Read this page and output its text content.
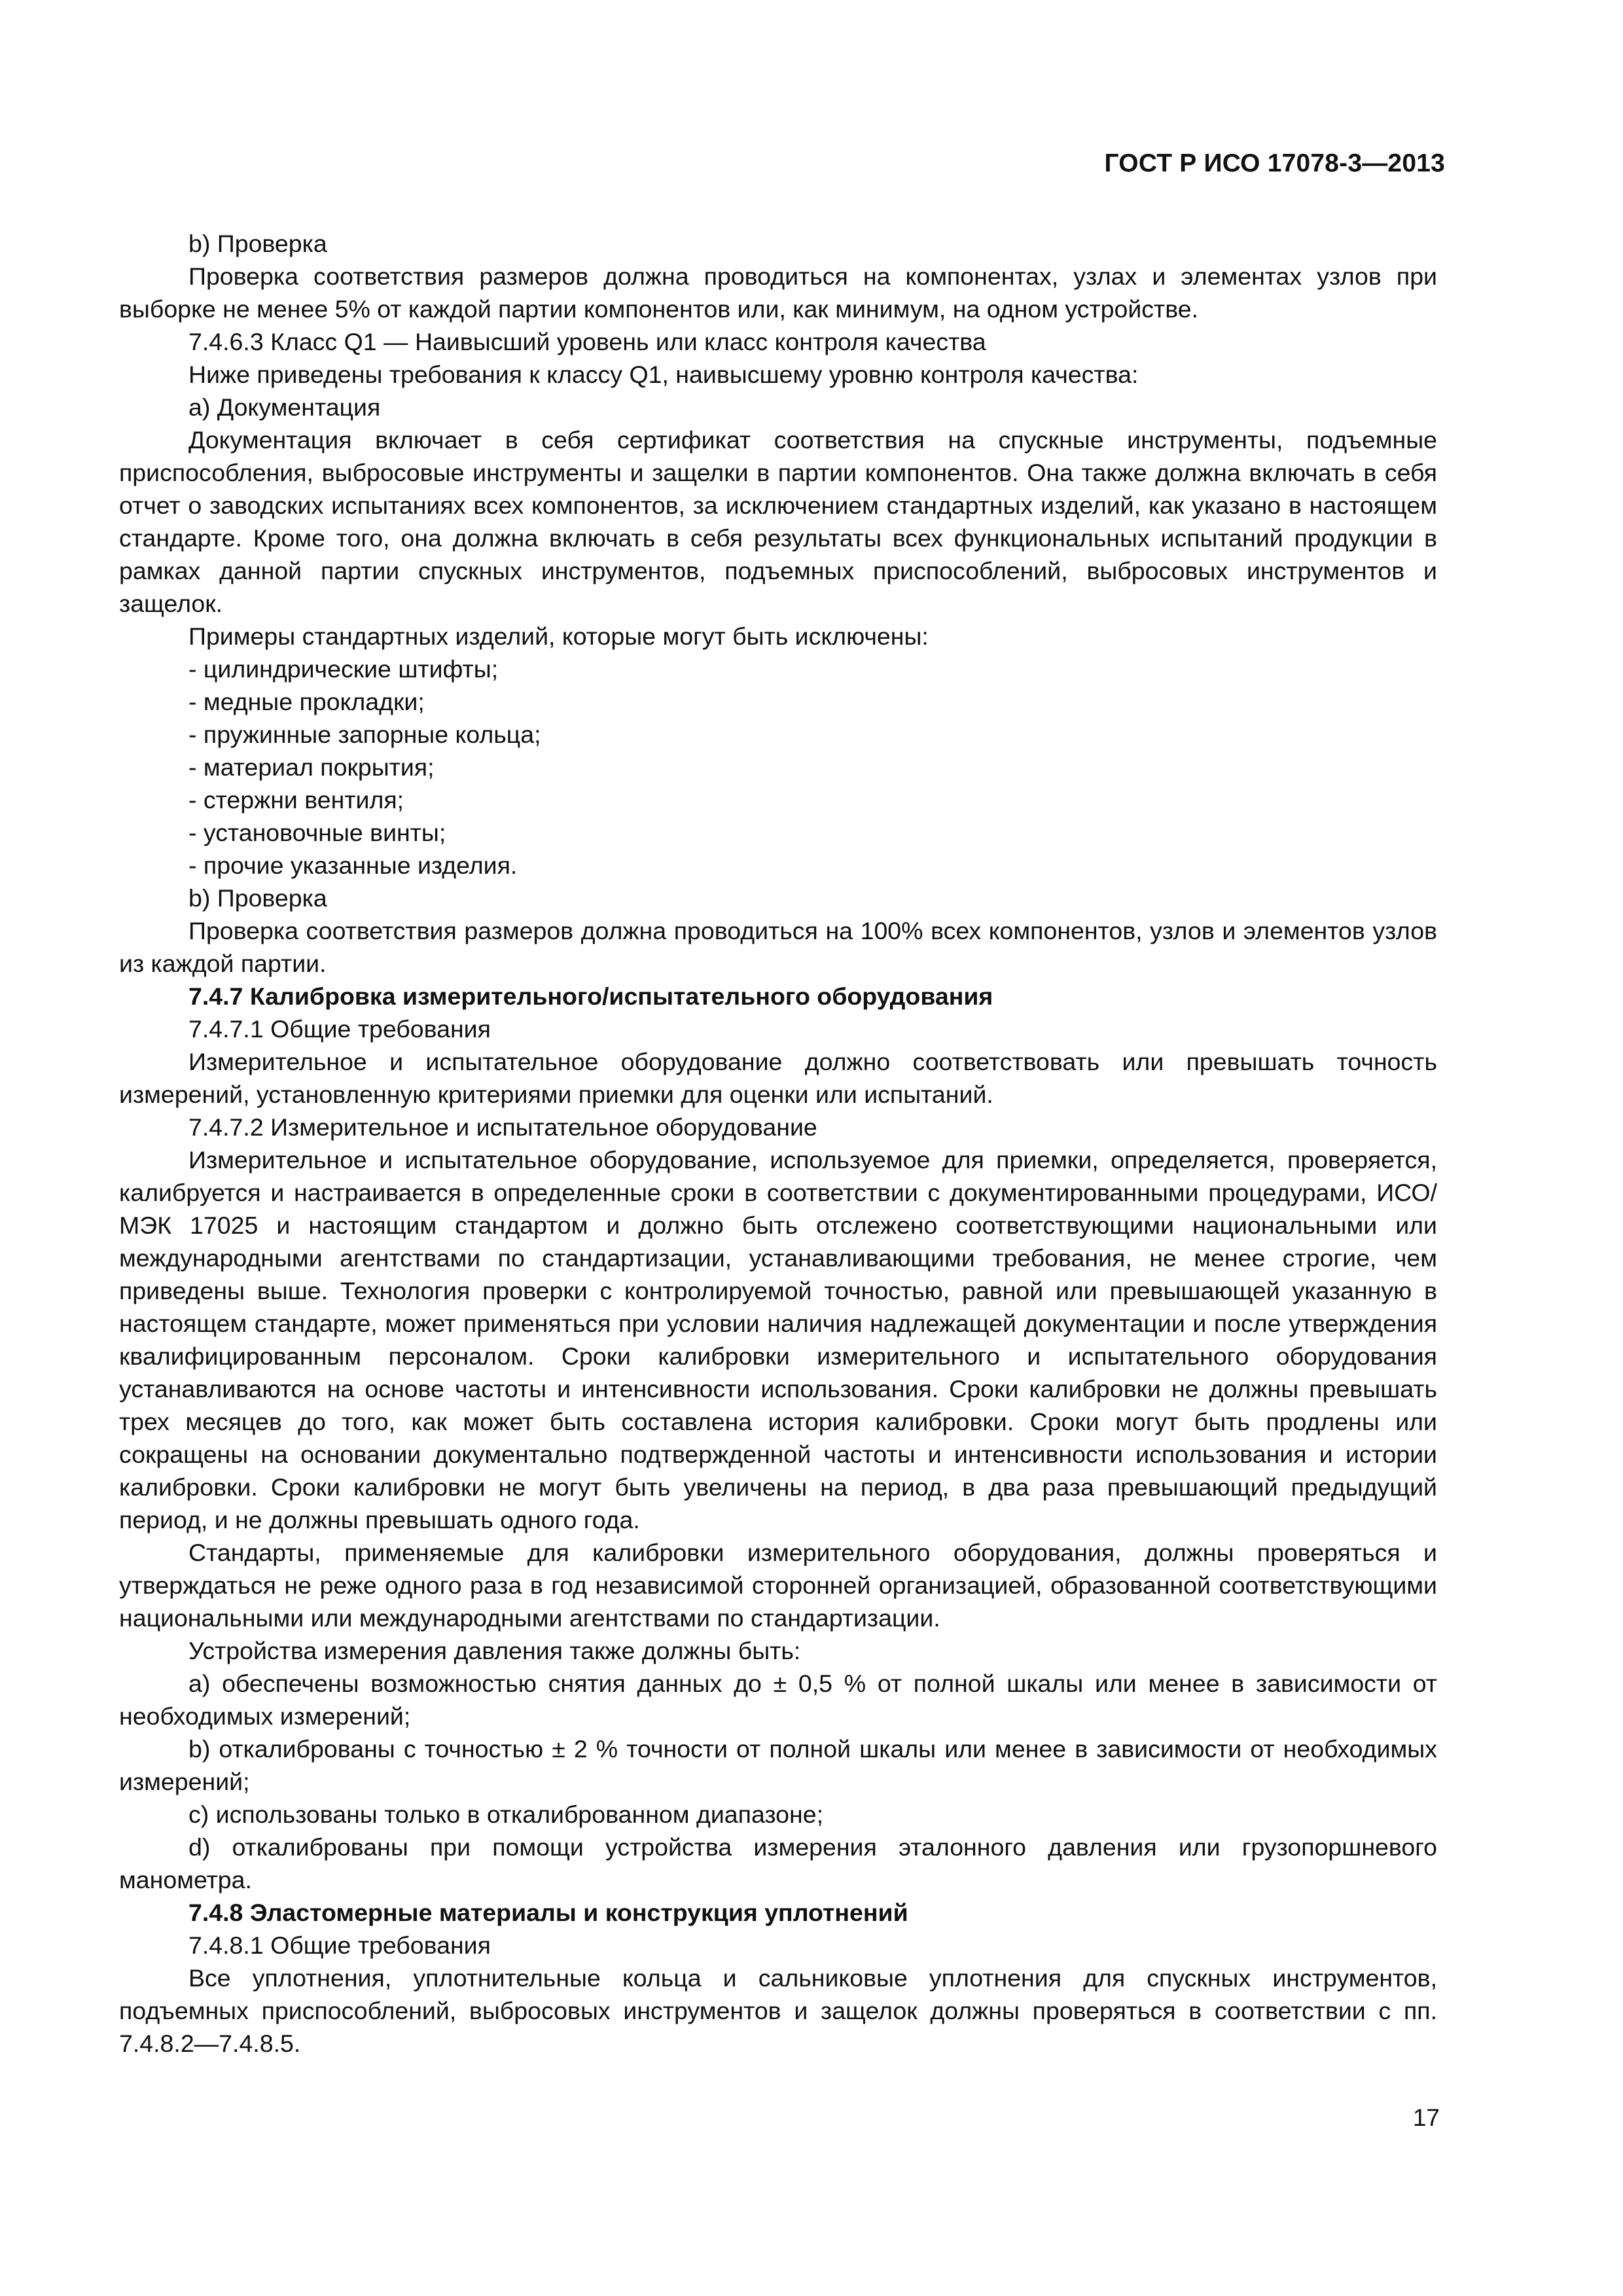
ГОСТ Р ИСО 17078-3—2013

b) Проверка

Проверка соответствия размеров должна проводиться на компонентах, узлах и элементах узлов при выборке не менее 5% от каждой партии компонентов или, как минимум, на одном устройстве.

7.4.6.3 Класс Q1 — Наивысший уровень или класс контроля качества

Ниже приведены требования к классу Q1, наивысшему уровню контроля качества:

a) Документация

Документация включает в себя сертификат соответствия на спускные инструменты, подъемные приспособления, выбросовые инструменты и защелки в партии компонентов. Она также должна включать в себя отчет о заводских испытаниях всех компонентов, за исключением стандартных изделий, как указано в настоящем стандарте. Кроме того, она должна включать в себя результаты всех функциональных испытаний продукции в рамках данной партии спускных инструментов, подъемных приспособлений, выбросовых инструментов и защелок.

Примеры стандартных изделий, которые могут быть исключены:

- цилиндрические штифты;

- медные прокладки;

- пружинные запорные кольца;

- материал покрытия;

- стержни вентиля;

- установочные винты;

- прочие указанные изделия.

b) Проверка

Проверка соответствия размеров должна проводиться на 100% всех компонентов, узлов и элементов узлов из каждой партии.

7.4.7 Калибровка измерительного/испытательного оборудования

7.4.7.1 Общие требования

Измерительное и испытательное оборудование должно соответствовать или превышать точность измерений, установленную критериями приемки для оценки или испытаний.

7.4.7.2 Измерительное и испытательное оборудование

Измерительное и испытательное оборудование, используемое для приемки, определяется, проверяется, калибруется и настраивается в определенные сроки в соответствии с документированными процедурами, ИСО/МЭК 17025 и настоящим стандартом и должно быть отслежено соответствующими национальными или международными агентствами по стандартизации, устанавливающими требования, не менее строгие, чем приведены выше. Технология проверки с контролируемой точностью, равной или превышающей указанную в настоящем стандарте, может применяться при условии наличия надлежащей документации и после утверждения квалифицированным персоналом. Сроки калибровки измерительного и испытательного оборудования устанавливаются на основе частоты и интенсивности использования. Сроки калибровки не должны превышать трех месяцев до того, как может быть составлена история калибровки. Сроки могут быть продлены или сокращены на основании документально подтвержденной частоты и интенсивности использования и истории калибровки. Сроки калибровки не могут быть увеличены на период, в два раза превышающий предыдущий период, и не должны превышать одного года.

Стандарты, применяемые для калибровки измерительного оборудования, должны проверяться и утверждаться не реже одного раза в год независимой сторонней организацией, образованной соответствующими национальными или международными агентствами по стандартизации.

Устройства измерения давления также должны быть:

a) обеспечены возможностью снятия данных до ± 0,5 % от полной шкалы или менее в зависимости от необходимых измерений;

b) откалиброваны с точностью ± 2 % точности от полной шкалы или менее в зависимости от необходимых измерений;

c) использованы только в откалиброванном диапазоне;

d) откалиброваны при помощи устройства измерения эталонного давления или грузопоршневого манометра.

7.4.8 Эластомерные материалы и конструкция уплотнений

7.4.8.1 Общие требования

Все уплотнения, уплотнительные кольца и сальниковые уплотнения для спускных инструментов, подъемных приспособлений, выбросовых инструментов и защелок должны проверяться в соответствии с пп. 7.4.8.2—7.4.8.5.

17
